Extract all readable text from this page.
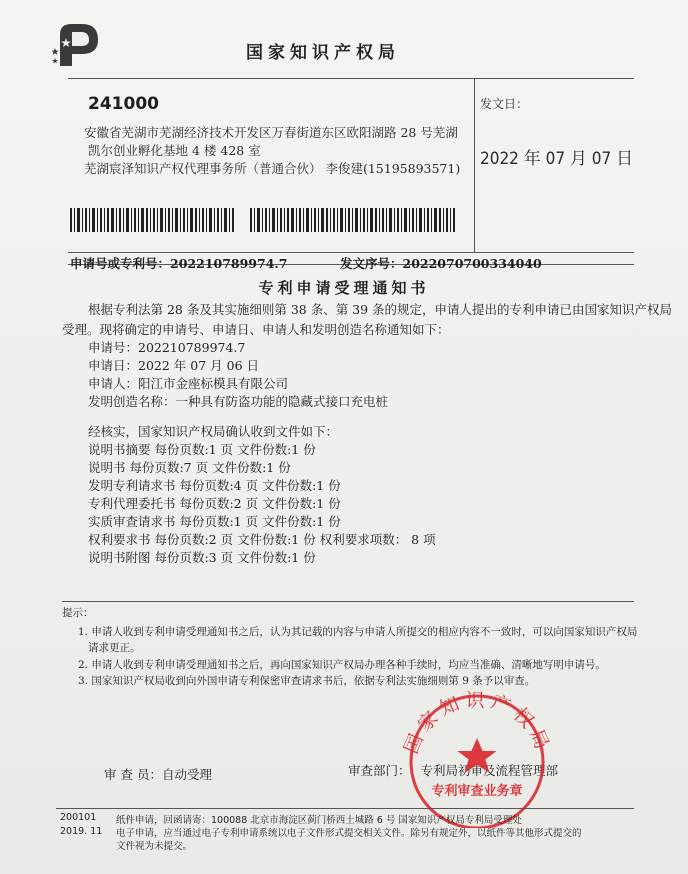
国家知识产权局
241000
安徽省芜湖市芜湖经济技术开发区万春街道东区欧阳湖路 28 号芜湖
凯尔创业孵化基地 4 楼 428 室
芜湖宸泽知识产权代理事务所（普通合伙） 李俊建(15195893571)
发文日：
2022 年 07 月 07 日
申请号或专利号：202210789974.7	发文序号：2022070700334040
专利申请受理通知书
根据专利法第 28 条及其实施细则第 38 条、第 39 条的规定，申请人提出的专利申请已由国家知识产权局
受理。现将确定的申请号、申请日、申请人和发明创造名称通知如下：
申请号：202210789974.7
申请日：2022 年 07 月 06 日
申请人：阳江市金座标模具有限公司
发明创造名称：一种具有防盗功能的隐藏式接口充电桩
经核实，国家知识产权局确认收到文件如下：
说明书摘要 每份页数:1 页 文件份数:1 份
说明书 每份页数:7 页 文件份数:1 份
发明专利请求书 每份页数:4 页 文件份数:1 份
专利代理委托书 每份页数:2 页 文件份数:1 份
实质审查请求书 每份页数:1 页 文件份数:1 份
权利要求书 每份页数:2 页 文件份数:1 份 权利要求项数： 8 项
说明书附图 每份页数:3 页 文件份数:1 份
提示：
1. 申请人收到专利申请受理通知书之后，认为其记载的内容与申请人所提交的相应内容不一致时，可以向国家知识产权局
请求更正。
2. 申请人收到专利申请受理通知书之后，再向国家知识产权局办理各种手续时，均应当准确、清晰地写明申请号。
3. 国家知识产权局收到向外国申请专利保密审查请求书后，依据专利法实施细则第 9 条予以审查。
审 查 员：自动受理	审查部门： 专利局初审及流程管理部
国家知识产权局
专利审查业务章
200101
2019. 11
纸件申请，回函请寄：100088 北京市海淀区蓟门桥西土城路 6 号 国家知识产权局专利局受理处
电子申请，应当通过电子专利申请系统以电子文件形式提交相关文件。除另有规定外，以纸件等其他形式提交的
文件视为未提交。
